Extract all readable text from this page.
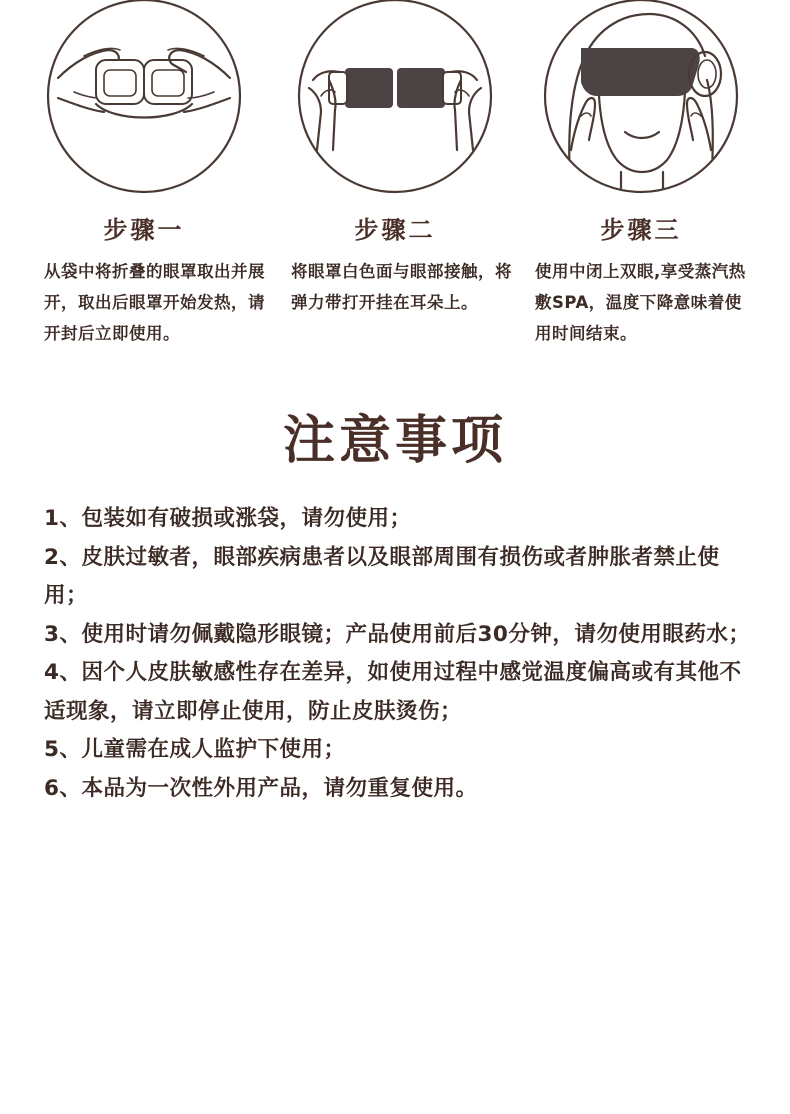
步骤一

从袋中将折叠的眼罩取出并展开，取出后眼罩开始发热，请开封后立即使用。

步骤二

将眼罩白色面与眼部接触，将弹力带打开挂在耳朵上。

步骤三

使用中闭上双眼,享受蒸汽热敷SPA，温度下降意味着使用时间结束。

注意事项
1、包装如有破损或涨袋，请勿使用；
2、皮肤过敏者，眼部疾病患者以及眼部周围有损伤或者肿胀者禁止使用；
3、使用时请勿佩戴隐形眼镜；产品使用前后30分钟，请勿使用眼药水；
4、因个人皮肤敏感性存在差异，如使用过程中感觉温度偏高或有其他不适现象，请立即停止使用，防止皮肤烫伤；
5、儿童需在成人监护下使用；
6、本品为一次性外用产品，请勿重复使用。
